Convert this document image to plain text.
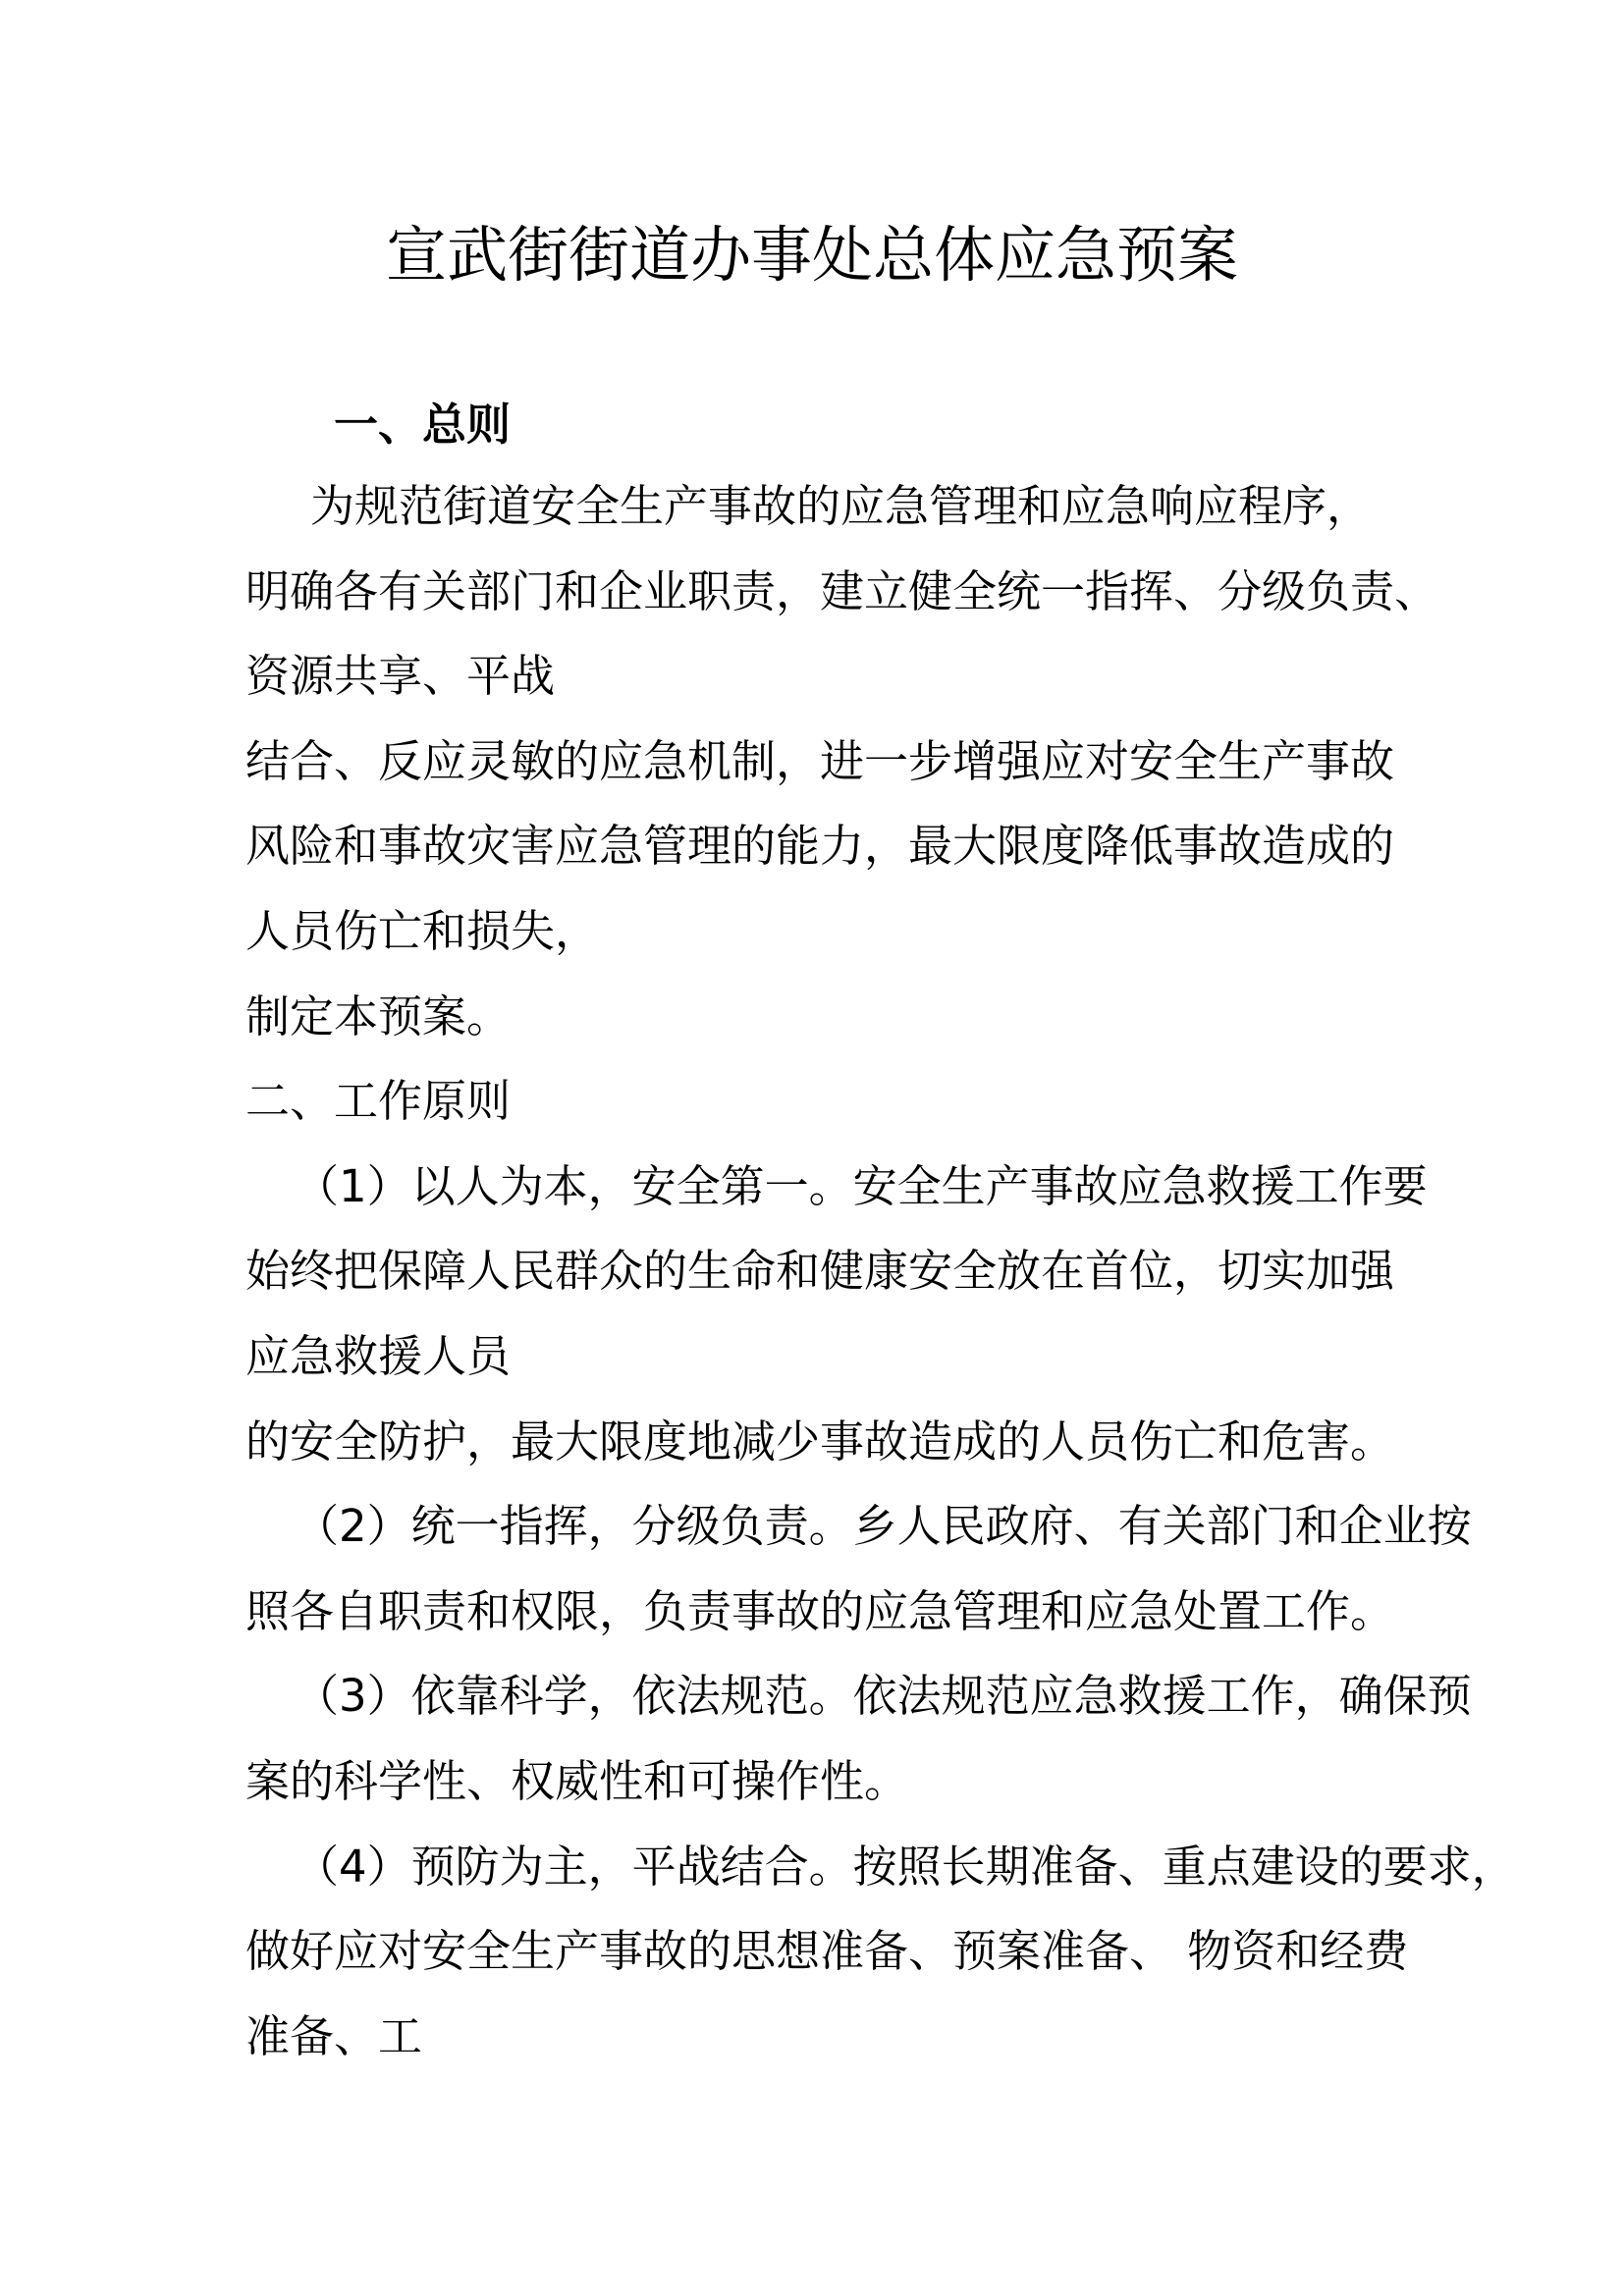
宣武街街道办事处总体应急预案
一、总则
为规范街道安全生产事故的应急管理和应急响应程序，
明确各有关部门和企业职责，建立健全统一指挥、分级负责、
资源共享、平战
结合、反应灵敏的应急机制，进一步增强应对安全生产事故
风险和事故灾害应急管理的能力，最大限度降低事故造成的
人员伤亡和损失，
制定本预案。
二、工作原则
（1）以人为本，安全第一。安全生产事故应急救援工作要
始终把保障人民群众的生命和健康安全放在首位，切实加强
应急救援人员
的安全防护，最大限度地减少事故造成的人员伤亡和危害。
（2）统一指挥，分级负责。乡人民政府、有关部门和企业按
照各自职责和权限，负责事故的应急管理和应急处置工作。
（3）依靠科学，依法规范。依法规范应急救援工作，确保预
案的科学性、权威性和可操作性。
（4）预防为主，平战结合。按照长期准备、重点建设的要求，
做好应对安全生产事故的思想准备、预案准备、 物资和经费
准备、工
